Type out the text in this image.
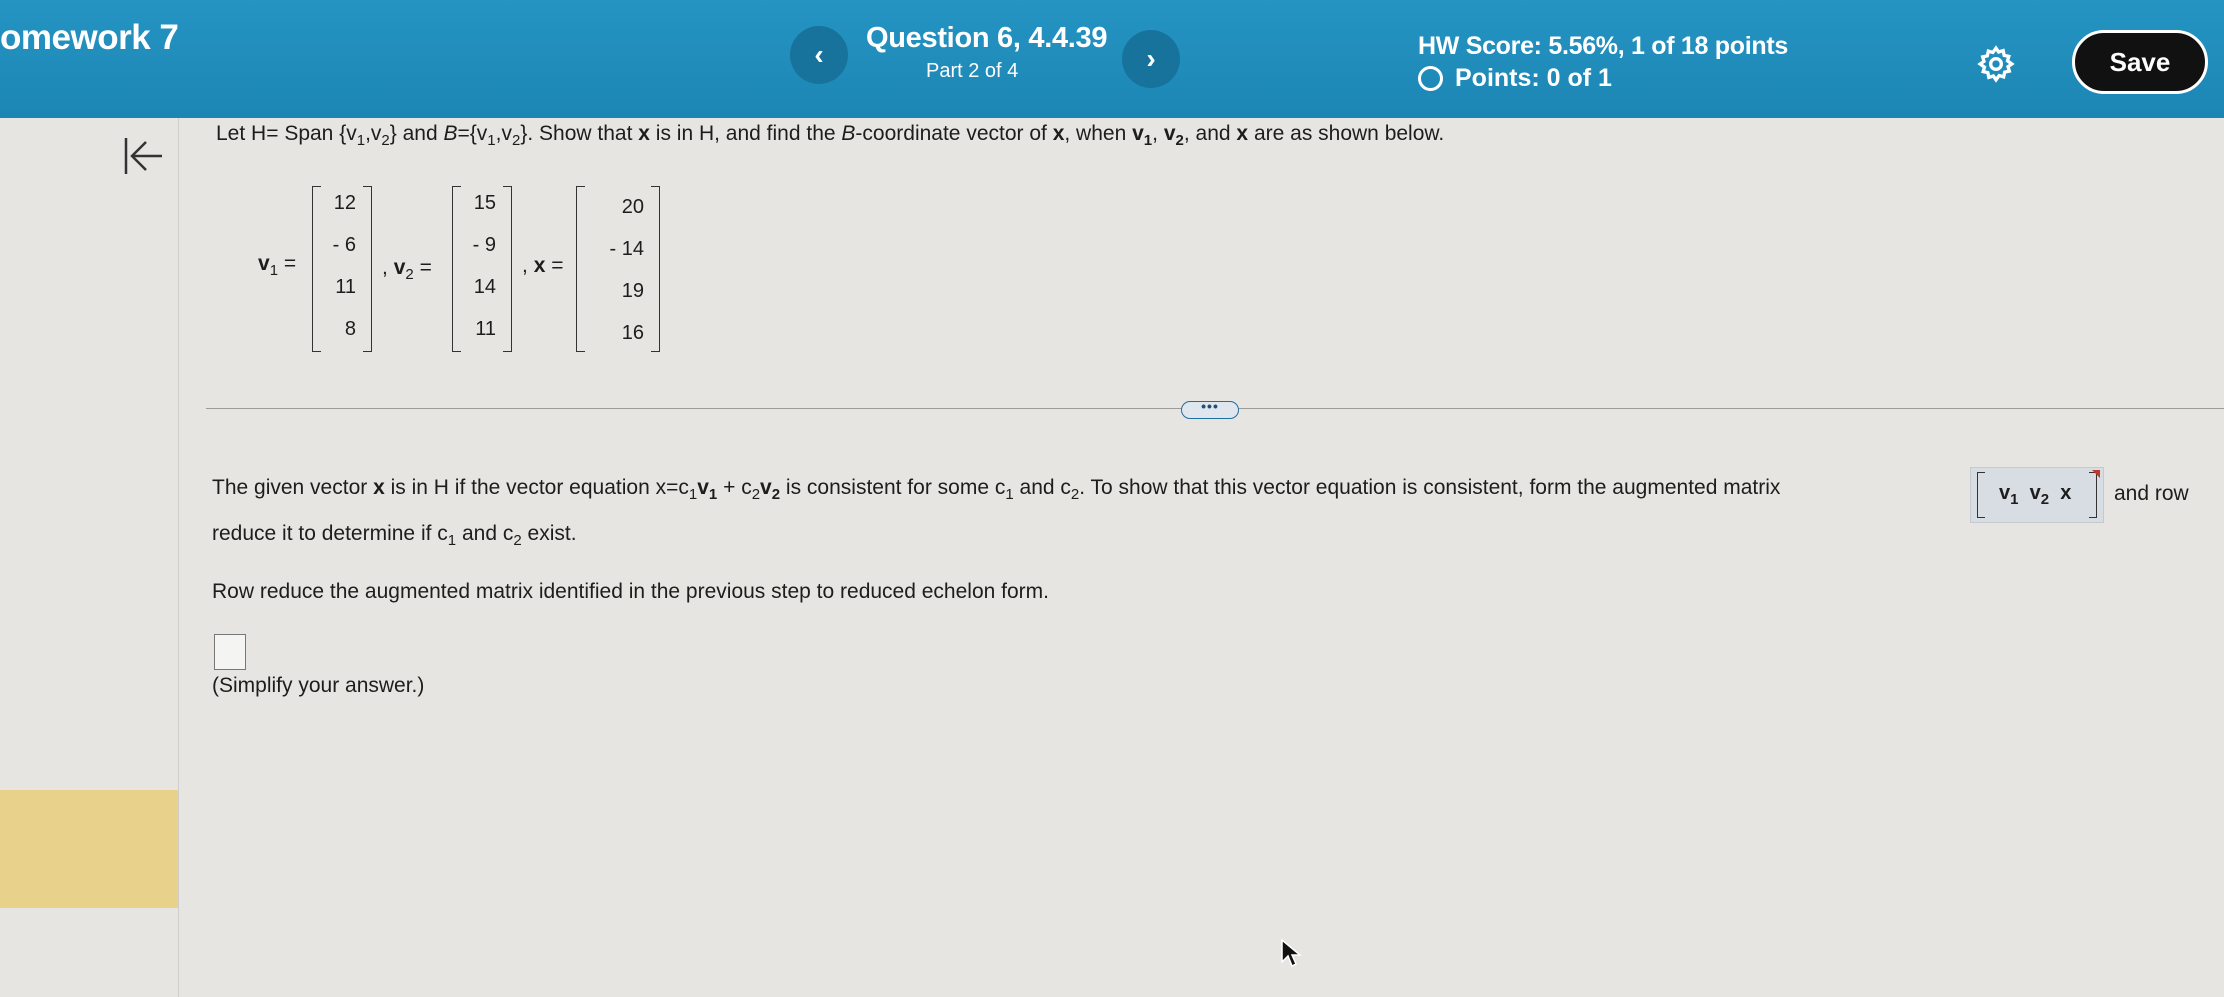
omework 7	‹
Question 6, 4.4.39
Part 2 of 4	›	HW Score: 5.56%, 1 of 18 points
Points: 0 of 1
Save
Let H= Span $\{v_1,v_2\}$ and $B=\{v_1,v_2\}$. Show that x is in H, and find the B-coordinate vector of x, when $v_1$, $v_2$, and x are as shown below.
$v_1$ =
12
- 6
11
8
, $v_2$ =
15
- 9
14
11
, x =
20
- 14
19
16
•••
The given vector x is in H if the vector equation $x=c_1v_1 + c_2v_2$ is consistent for some $c_1$ and $c_2$. To show that this vector equation is consistent, form the augmented matrix	$v_1$ $v_2$ x and row
reduce it to determine if $c_1$ and $c_2$ exist.
Row reduce the augmented matrix identified in the previous step to reduced echelon form.
(Simplify your answer.)
